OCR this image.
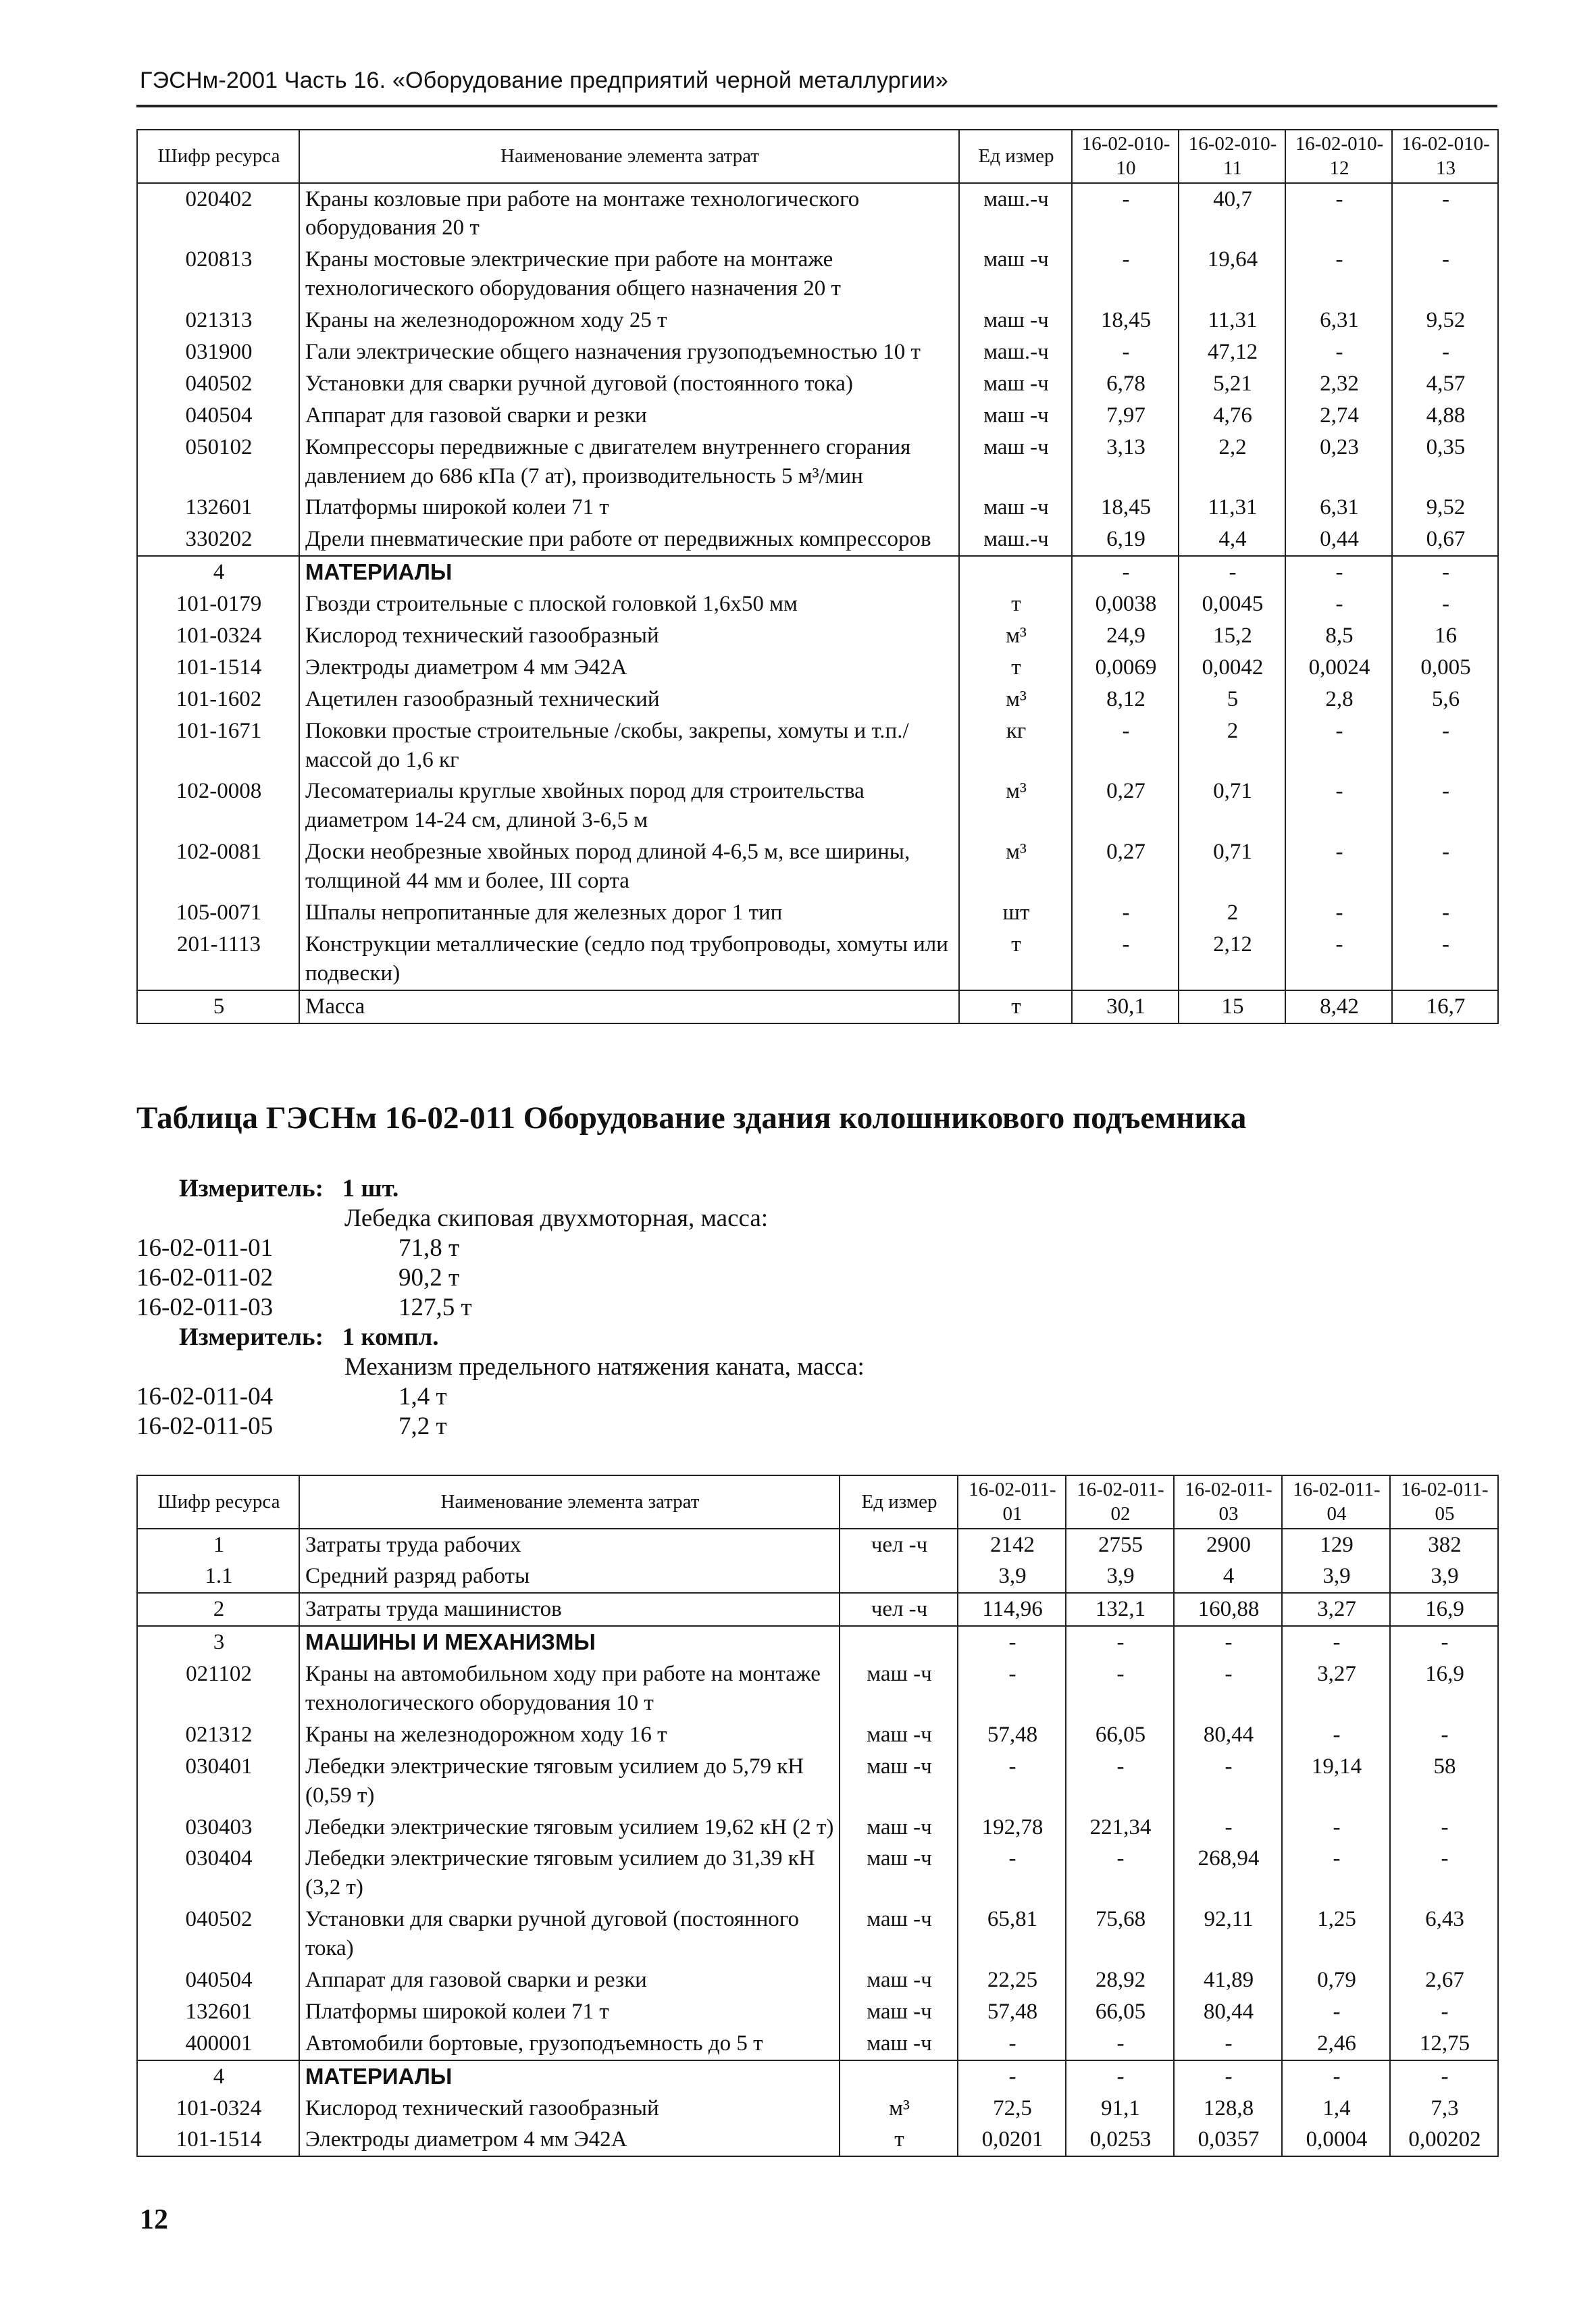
ГЭСНм-2001 Часть 16. «Оборудование предприятий черной металлургии»
Шифр ресурса	Наименование элемента затрат	Ед измер	16-02-010-10	16-02-010-11	16-02-010-12	16-02-010-13
020402	Краны козловые при работе на монтаже технологического оборудования 20 т	маш.-ч	-	40,7	-	-
020813	Краны мостовые электрические при работе на монтаже технологического оборудования общего назначения 20 т	маш -ч	-	19,64	-	-
021313	Краны на железнодорожном ходу 25 т	маш -ч	18,45	11,31	6,31	9,52
031900	Гали электрические общего назначения грузоподъемностью 10 т	маш.-ч	-	47,12	-	-
040502	Установки для сварки ручной дуговой (постоянного тока)	маш -ч	6,78	5,21	2,32	4,57
040504	Аппарат для газовой сварки и резки	маш -ч	7,97	4,76	2,74	4,88
050102	Компрессоры передвижные с двигателем внутреннего сгорания давлением до 686 кПа (7 ат), производительность 5 м³/мин	маш -ч	3,13	2,2	0,23	0,35
132601	Платформы широкой колеи 71 т	маш -ч	18,45	11,31	6,31	9,52
330202	Дрели пневматические при работе от передвижных компрессоров	маш.-ч	6,19	4,4	0,44	0,67
4	МАТЕРИАЛЫ		-	-	-	-
101-0179	Гвозди строительные с плоской головкой 1,6х50 мм	т	0,0038	0,0045	-	-
101-0324	Кислород технический газообразный	м³	24,9	15,2	8,5	16
101-1514	Электроды диаметром 4 мм Э42А	т	0,0069	0,0042	0,0024	0,005
101-1602	Ацетилен газообразный технический	м³	8,12	5	2,8	5,6
101-1671	Поковки простые строительные /скобы, закрепы, хомуты и т.п./ массой до 1,6 кг	кг	-	2	-	-
102-0008	Лесоматериалы круглые хвойных пород для строительства диаметром 14-24 см, длиной 3-6,5 м	м³	0,27	0,71	-	-
102-0081	Доски необрезные хвойных пород длиной 4-6,5 м, все ширины, толщиной 44 мм и более, III сорта	м³	0,27	0,71	-	-
105-0071	Шпалы непропитанные для железных дорог 1 тип	шт	-	2	-	-
201-1113	Конструкции металлические (седло под трубопроводы, хомуты или подвески)	т	-	2,12	-	-
5	Масса	т	30,1	15	8,42	16,7
Таблица ГЭСНм 16-02-011 Оборудование здания колошникового подъемника
Измеритель: 1 шт.
Лебедка скиповая двухмоторная, масса:
16-02-011-01	71,8 т
16-02-011-02	90,2 т
16-02-011-03	127,5 т
Измеритель: 1 компл.
Механизм предельного натяжения каната, масса:
16-02-011-04	1,4 т
16-02-011-05	7,2 т
Шифр ресурса	Наименование элемента затрат	Ед измер	16-02-011-01	16-02-011-02	16-02-011-03	16-02-011-04	16-02-011-05
1	Затраты труда рабочих	чел -ч	2142	2755	2900	129	382
1.1	Средний разряд работы		3,9	3,9	4	3,9	3,9
2	Затраты труда машинистов	чел -ч	114,96	132,1	160,88	3,27	16,9
3	МАШИНЫ И МЕХАНИЗМЫ		-	-	-	-	-
021102	Краны на автомобильном ходу при работе на монтаже технологического оборудования 10 т	маш -ч	-	-	-	3,27	16,9
021312	Краны на железнодорожном ходу 16 т	маш -ч	57,48	66,05	80,44	-	-
030401	Лебедки электрические тяговым усилием до 5,79 кН (0,59 т)	маш -ч	-	-	-	19,14	58
030403	Лебедки электрические тяговым усилием 19,62 кН (2 т)	маш -ч	192,78	221,34	-	-	-
030404	Лебедки электрические тяговым усилием до 31,39 кН (3,2 т)	маш -ч	-	-	268,94	-	-
040502	Установки для сварки ручной дуговой (постоянного тока)	маш -ч	65,81	75,68	92,11	1,25	6,43
040504	Аппарат для газовой сварки и резки	маш -ч	22,25	28,92	41,89	0,79	2,67
132601	Платформы широкой колеи 71 т	маш -ч	57,48	66,05	80,44	-	-
400001	Автомобили бортовые, грузоподъемность до 5 т	маш -ч	-	-	-	2,46	12,75
4	МАТЕРИАЛЫ		-	-	-	-	-
101-0324	Кислород технический газообразный	м³	72,5	91,1	128,8	1,4	7,3
101-1514	Электроды диаметром 4 мм Э42А	т	0,0201	0,0253	0,0357	0,0004	0,00202
12
